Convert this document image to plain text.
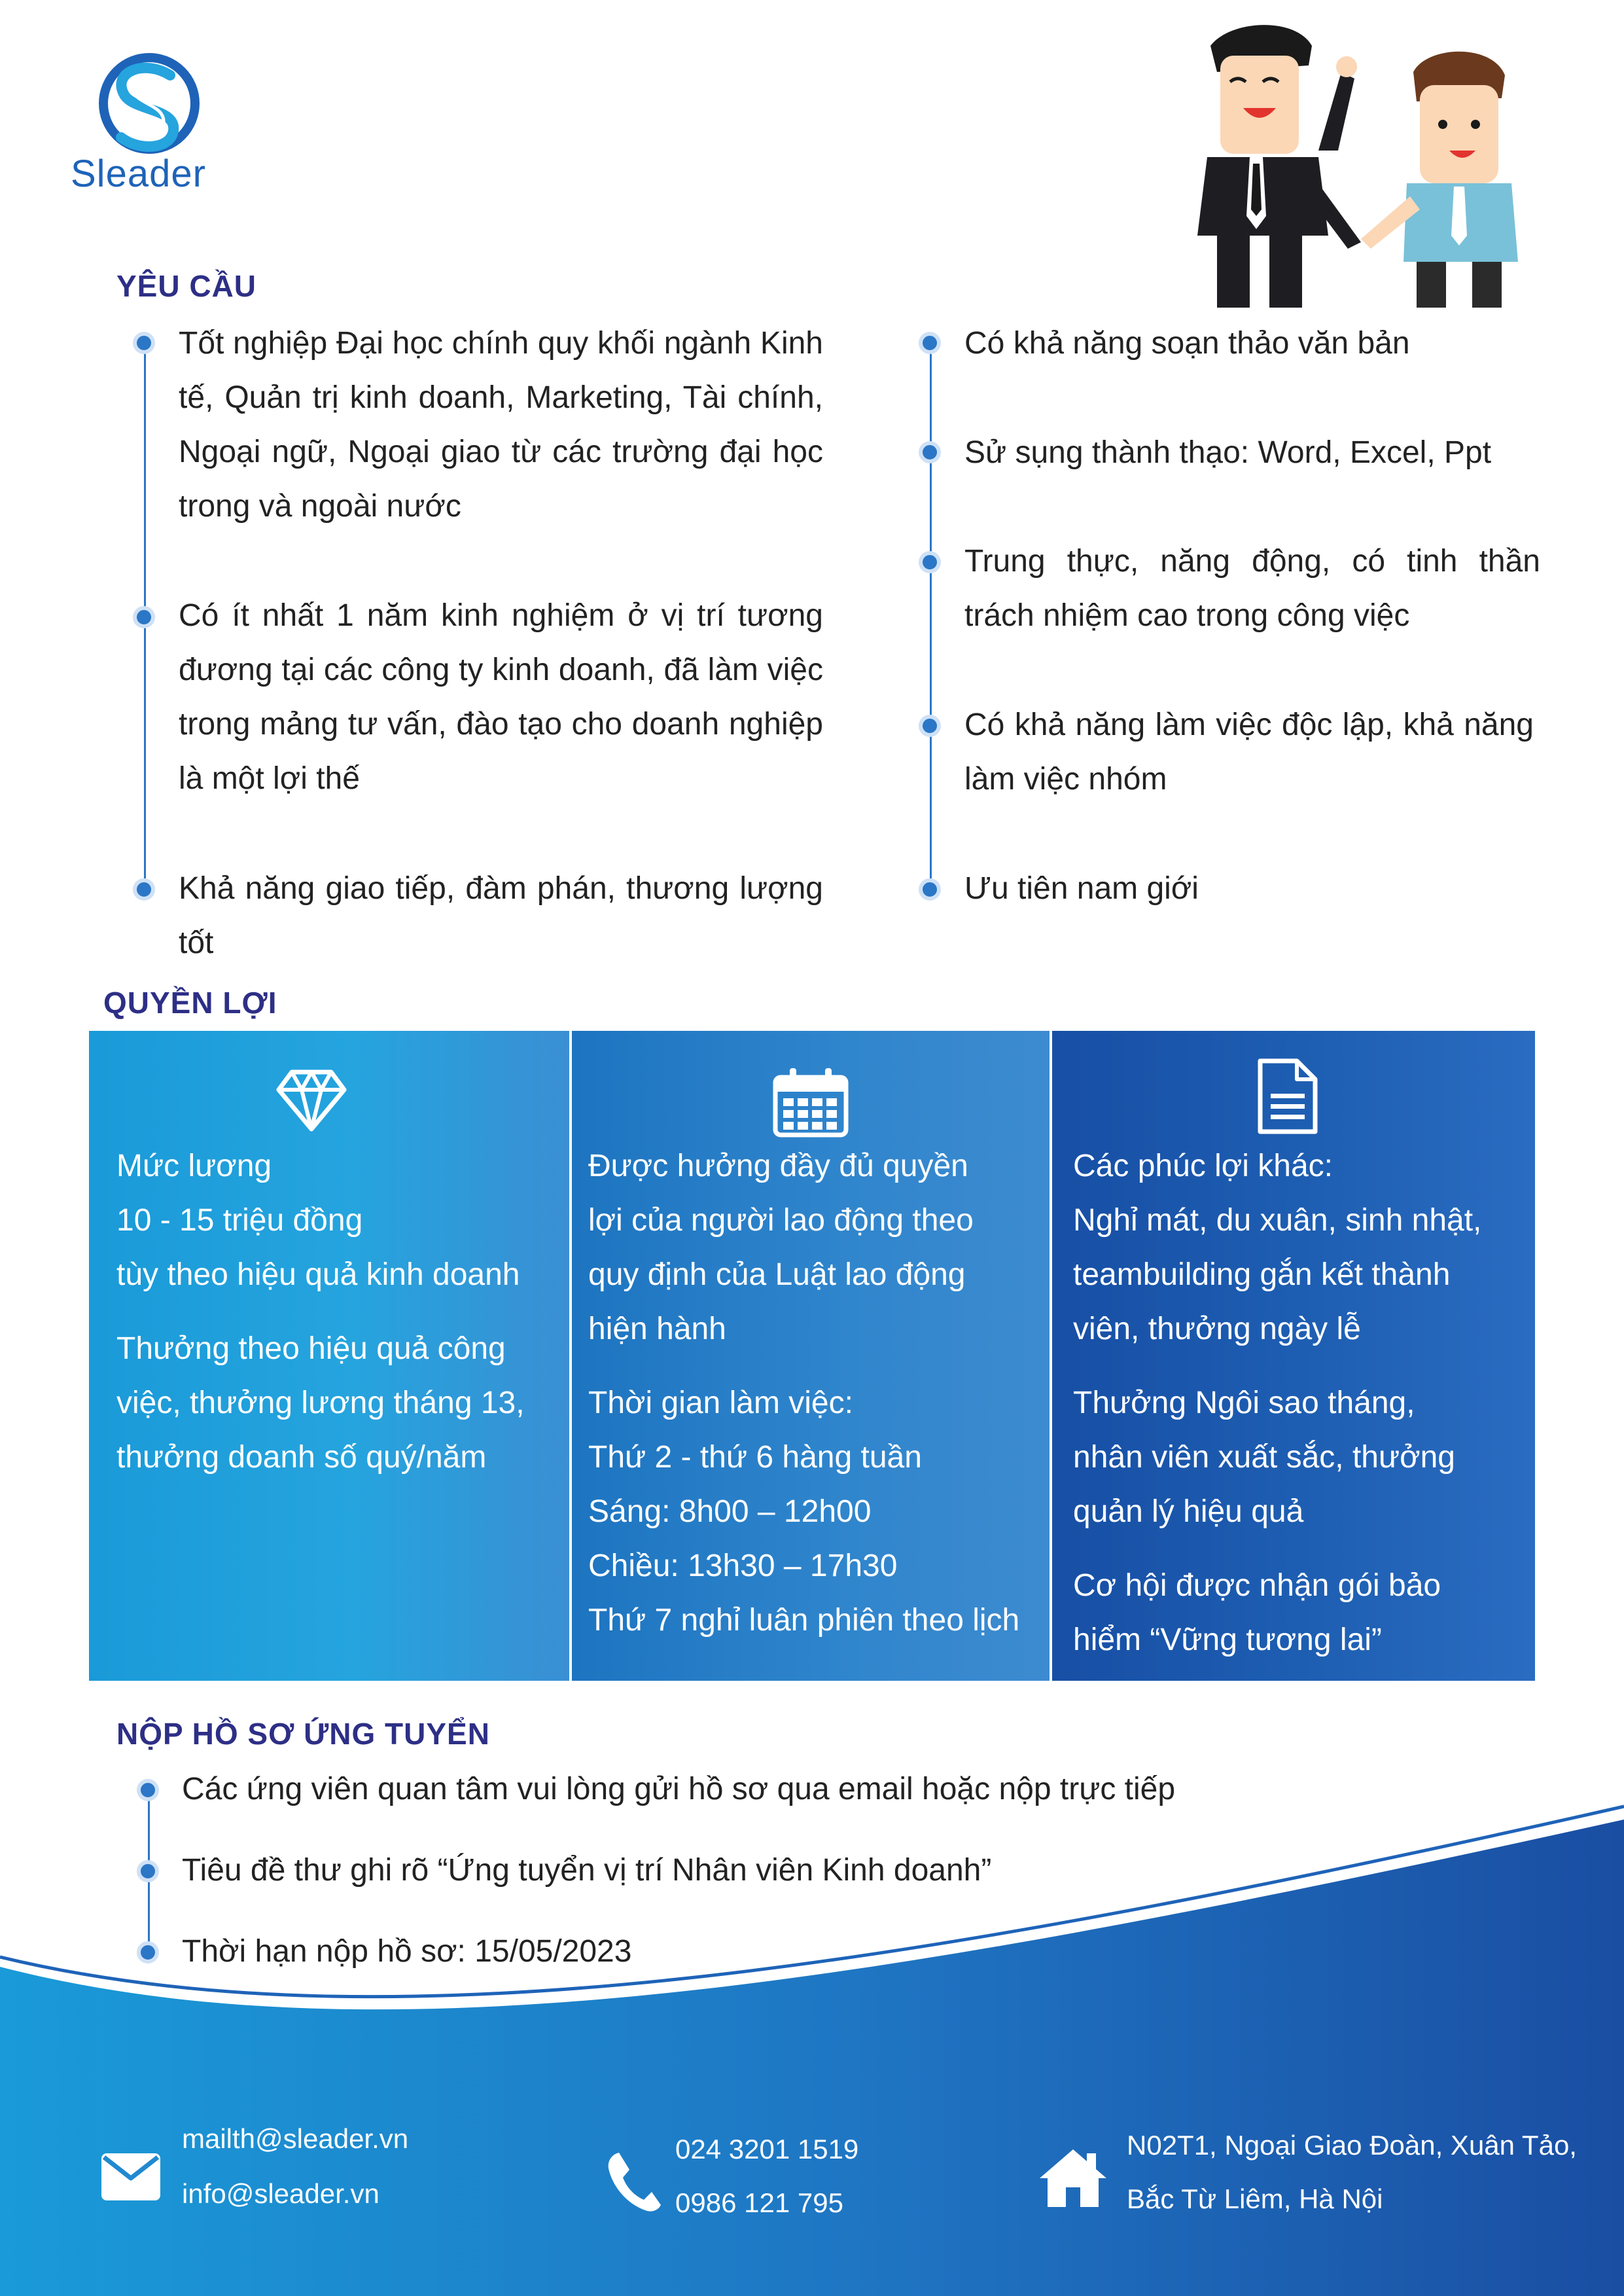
Sleader
YÊU CẦU
Tốt nghiệp Đại học chính quy khối ngành Kinh tế, Quản trị kinh doanh, Marketing, Tài chính, Ngoại ngữ, Ngoại giao từ các trường đại học trong và ngoài nước
Có ít nhất 1 năm kinh nghiệm ở vị trí tương đương tại các công ty kinh doanh, đã làm việc trong mảng tư vấn, đào tạo cho doanh nghiệp là một lợi thế
Khả năng giao tiếp, đàm phán, thương lượng tốt
Có khả năng soạn thảo văn bản
Sử sụng thành thạo: Word, Excel, Ppt
Trung thực, năng động, có tinh thần trách nhiệm cao trong công việc
Có khả năng làm việc độc lập, khả năng làm việc nhóm
Ưu tiên nam giới
QUYỀN LỢI

Mức lương

10 - 15 triệu đồng

tùy theo hiệu quả kinh doanh

Thưởng theo hiệu quả công

việc, thưởng lương tháng 13,

thưởng doanh số quý/năm

Được hưởng đầy đủ quyền

lợi của người lao động theo

quy định của Luật lao động

hiện hành

Thời gian làm việc:

Thứ 2 - thứ 6 hàng tuần

Sáng: 8h00 – 12h00

Chiều: 13h30 – 17h30

Thứ 7 nghỉ luân phiên theo lịch

Các phúc lợi khác:

Nghỉ mát, du xuân, sinh nhật,

teambuilding gắn kết thành

viên, thưởng ngày lễ

Thưởng Ngôi sao tháng,

nhân viên xuất sắc, thưởng

quản lý hiệu quả

Cơ hội được nhận gói bảo

hiểm “Vững tương lai”

NỘP HỒ SƠ ỨNG TUYỂN
Các ứng viên quan tâm vui lòng gửi hồ sơ qua email hoặc nộp trực tiếp
Tiêu đề thư ghi rõ “Ứng tuyển vị trí Nhân viên Kinh doanh”
Thời hạn nộp hồ sơ: 15/05/2023
mailth@sleader.vn
info@sleader.vn
024 3201 1519
0986 121 795
N02T1, Ngoại Giao Đoàn, Xuân Tảo,
Bắc Từ Liêm, Hà Nội
